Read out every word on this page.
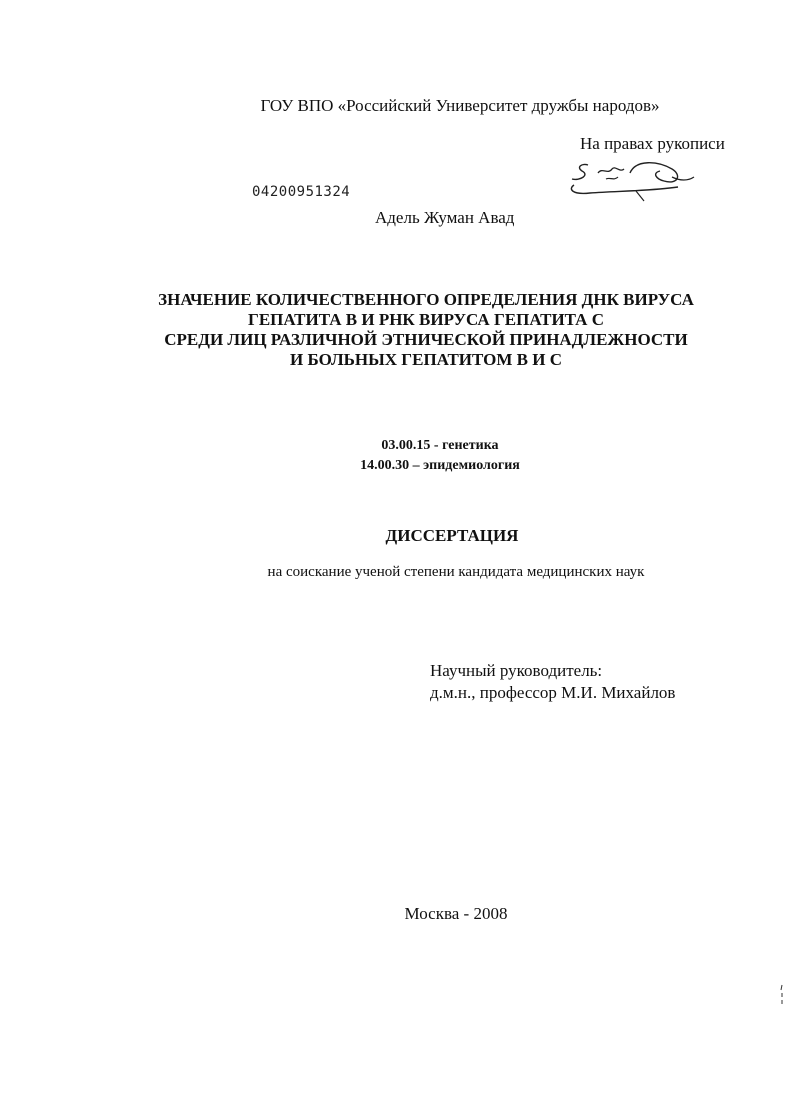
ГОУ ВПО «Российский Университет дружбы народов»
На правах рукописи
04200951324
Адель Жуман Авад
ЗНАЧЕНИЕ КОЛИЧЕСТВЕННОГО ОПРЕДЕЛЕНИЯ ДНК ВИРУСА
ГЕПАТИТА В И РНК ВИРУСА ГЕПАТИТА С
СРЕДИ ЛИЦ РАЗЛИЧНОЙ ЭТНИЧЕСКОЙ ПРИНАДЛЕЖНОСТИ
И БОЛЬНЫХ ГЕПАТИТОМ В И С
03.00.15 - генетика
14.00.30 – эпидемиология
ДИССЕРТАЦИЯ
на соискание ученой степени кандидата медицинских наук
Научный руководитель:
д.м.н., профессор М.И. Михайлов
Москва - 2008
